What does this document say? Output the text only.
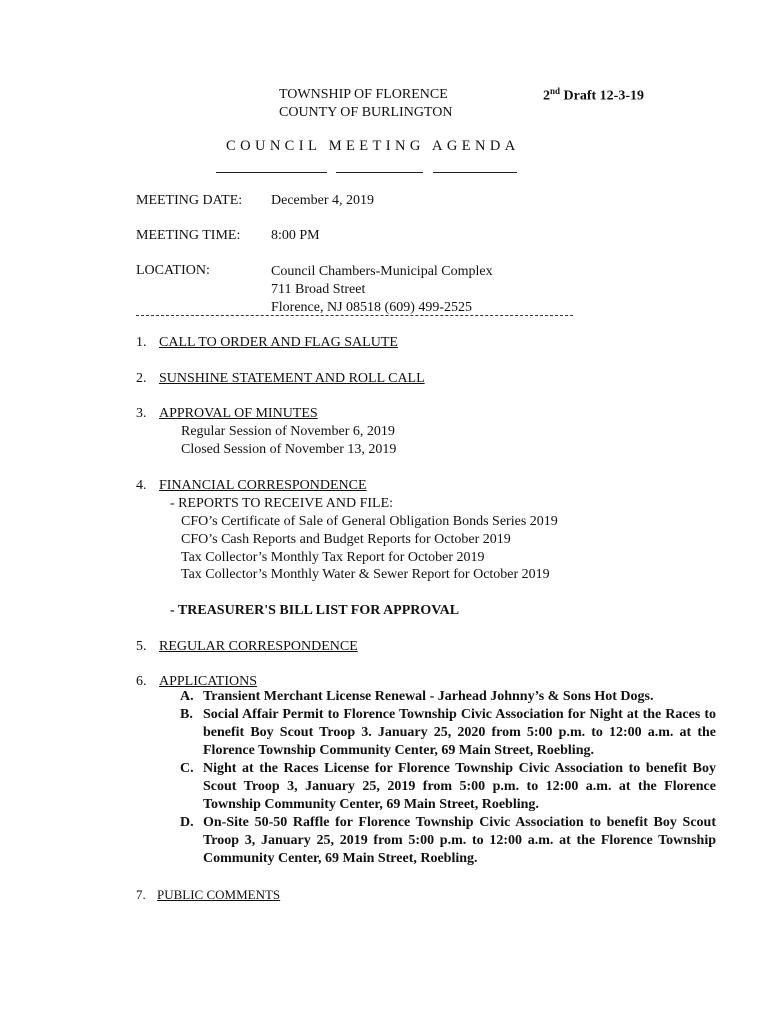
TOWNSHIP OF FLORENCE
COUNTY OF BURLINGTON
2nd Draft 12-3-19
COUNCIL MEETING AGENDA
MEETING DATE: December 4, 2019
MEETING TIME: 8:00 PM
LOCATION:	Council Chambers-Municipal Complex
711 Broad Street
Florence, NJ 08518 (609) 499-2525
1. CALL TO ORDER AND FLAG SALUTE
2. SUNSHINE STATEMENT AND ROLL CALL
3. APPROVAL OF MINUTES
Regular Session of November 6, 2019
Closed Session of November 13, 2019
4. FINANCIAL CORRESPONDENCE
- REPORTS TO RECEIVE AND FILE:
CFO’s Certificate of Sale of General Obligation Bonds Series 2019
CFO’s Cash Reports and Budget Reports for October 2019
Tax Collector’s Monthly Tax Report for October 2019
Tax Collector’s Monthly Water & Sewer Report for October 2019
- TREASURER'S BILL LIST FOR APPROVAL
5. REGULAR CORRESPONDENCE
6. APPLICATIONS
A. Transient Merchant License Renewal - Jarhead Johnny’s & Sons Hot Dogs.
B. Social Affair Permit to Florence Township Civic Association for Night at the Races to benefit Boy Scout Troop 3. January 25, 2020 from 5:00 p.m. to 12:00 a.m. at the Florence Township Community Center, 69 Main Street, Roebling.
C. Night at the Races License for Florence Township Civic Association to benefit Boy Scout Troop 3, January 25, 2019 from 5:00 p.m. to 12:00 a.m. at the Florence Township Community Center, 69 Main Street, Roebling.
D. On-Site 50-50 Raffle for Florence Township Civic Association to benefit Boy Scout Troop 3, January 25, 2019 from 5:00 p.m. to 12:00 a.m. at the Florence Township Community Center, 69 Main Street, Roebling.
7. PUBLIC COMMENTS
